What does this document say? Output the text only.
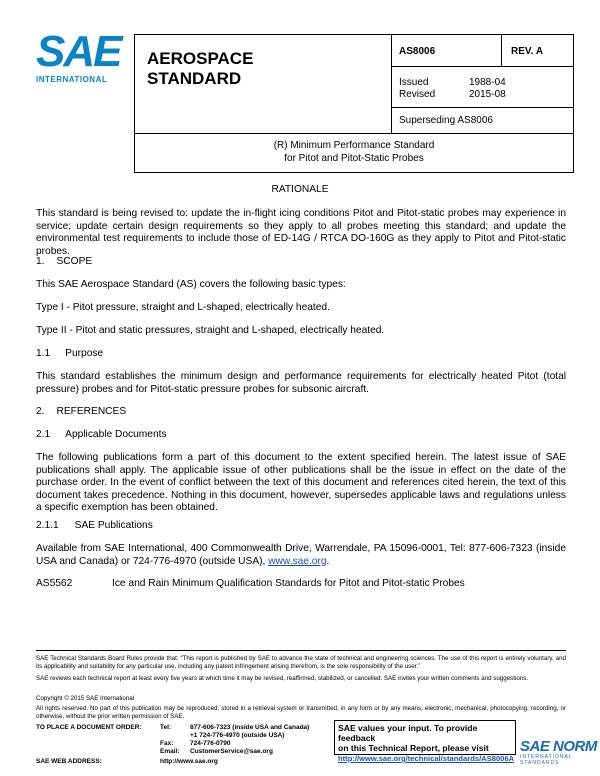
SAE
INTERNATIONAL
AEROSPACE
STANDARD
AS8006	REV. A
Issued	1988-04
Revised	2015-08
Superseding AS8006
(R) Minimum Performance Standard
for Pitot and Pitot-Static Probes
RATIONALE
This standard is being revised to: update the in-flight icing conditions Pitot and Pitot-static probes may experience in service; update certain design requirements so they apply to all probes meeting this standard; and update the environmental test requirements to include those of ED-14G / RTCA DO-160G as they apply to Pitot and Pitot-static probes.
1. SCOPE
This SAE Aerospace Standard (AS) covers the following basic types:
Type I - Pitot pressure, straight and L-shaped, electrically heated.
Type II - Pitot and static pressures, straight and L-shaped, electrically heated.
1.1 Purpose
This standard establishes the minimum design and performance requirements for electrically heated Pitot (total pressure) probes and for Pitot-static pressure probes for subsonic aircraft.
2. REFERENCES
2.1 Applicable Documents
The following publications form a part of this document to the extent specified herein. The latest issue of SAE publications shall apply. The applicable issue of other publications shall be the issue in effect on the date of the purchase order. In the event of conflict between the text of this document and references cited herein, the text of this document takes precedence. Nothing in this document, however, supersedes applicable laws and regulations unless a specific exemption has been obtained.
2.1.1 SAE Publications
Available from SAE International, 400 Commonwealth Drive, Warrendale, PA 15096-0001, Tel: 877-606-7323 (inside USA and Canada) or 724-776-4970 (outside USA), www.sae.org.
AS5562	Ice and Rain Minimum Qualification Standards for Pitot and Pitot-static Probes
SAE Technical Standards Board Rules provide that: “This report is published by SAE to advance the state of technical and engineering sciences. The use of this report is entirely voluntary, and its applicability and suitability for any particular use, including any patent infringement arising therefrom, is the sole responsibility of the user.”
SAE reviews each technical report at least every five years at which time it may be revised, reaffirmed, stabilized, or cancelled. SAE invites your written comments and suggestions.
Copyright © 2015 SAE International
All rights reserved. No part of this publication may be reproduced, stored in a retrieval system or transmitted, in any form or by any means, electronic, mechanical, photocopying, recording, or otherwise, without the prior written permission of SAE.
TO PLACE A DOCUMENT ORDER:	Tel:	877-606-7323 (inside USA and Canada)
+1 724-776-4970 (outside USA)
Fax:	724-776-0790
Email: CustomerService@sae.org
SAE WEB ADDRESS:	http://www.sae.org
SAE values your input. To provide feedback
on this Technical Report, please visit
http://www.sae.org/technical/standards/AS8006A
SAE NORM
INTERNATIONAL   STANDARDS
